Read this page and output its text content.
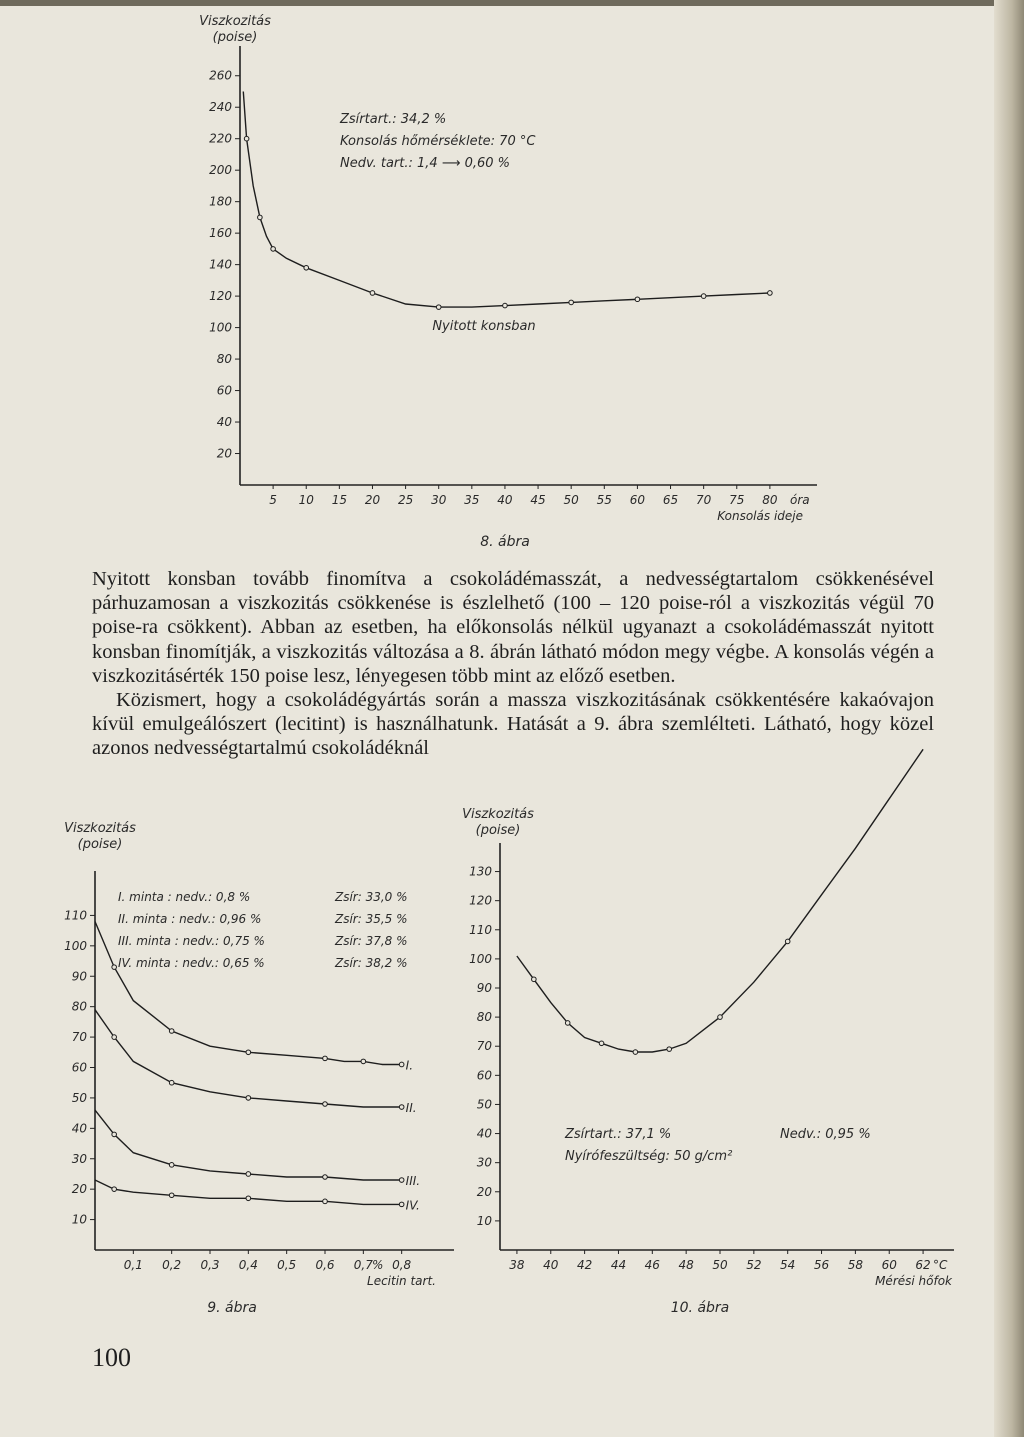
20
40
60
80
100
120
140
160
180
200
220
240
260
5 10 15 20 25 30 35 40 45 50 55 60 65 70 75 80
Viszkozitás
(poise)
óra
Konsolás ideje
8. ábra
Nyitott konsban
Zsírtart.: 34,2 %
Konsolás hőmérséklete: 70 °C
Nedv. tart.: 1,4 ⟶ 0,60 %

Nyitott konsban tovább finomítva a csokoládémasszát, a nedvességtartalom csökkenésével párhuzamosan a viszkozitás csökkenése is észlelhető (100 – 120 poise-ról a viszkozitás végül 70 poise-ra csökkent). Abban az esetben, ha előkonsolás nélkül ugyanazt a csokoládémasszát nyitott konsban finomítják, a viszkozitás változása a 8. ábrán látható módon megy végbe. A konsolás végén a viszkozitásérték 150 poise lesz, lényegesen több mint az előző esetben.

Közismert, hogy a csokoládégyártás során a massza viszkozitásának csökkentésére kakaóvajon kívül emulgeálószert (lecitint) is használhatunk. Hatását a 9. ábra szemlélteti. Látható, hogy közel azonos nedvességtartalmú csokoládéknál

10
20
30
40
50
60
70
80
90
100
110
0,1 0,2 0,3 0,4 0,5 0,6 0,7 0,8
Viszkozitás
(poise)
%
Lecitin tart.
9. ábra
I.
II.
III.
IV.
I. minta : nedv.: 0,8 %	Zsír: 33,0 %
II. minta : nedv.: 0,96 %	Zsír: 35,5 %
III. minta : nedv.: 0,75 %	Zsír: 37,8 %
IV. minta : nedv.: 0,65 %	Zsír: 38,2 %
10
20
30
40
50
60
70
80
90
100
110
120
130
38 40 42 44 46 48 50 52 54 56 58 60 62
Viszkozitás
(poise)
°C
Mérési hőfok
10. ábra
Zsírtart.: 37,1 %	Nedv.: 0,95 %
Nyírófeszültség: 50 g/cm²
100
